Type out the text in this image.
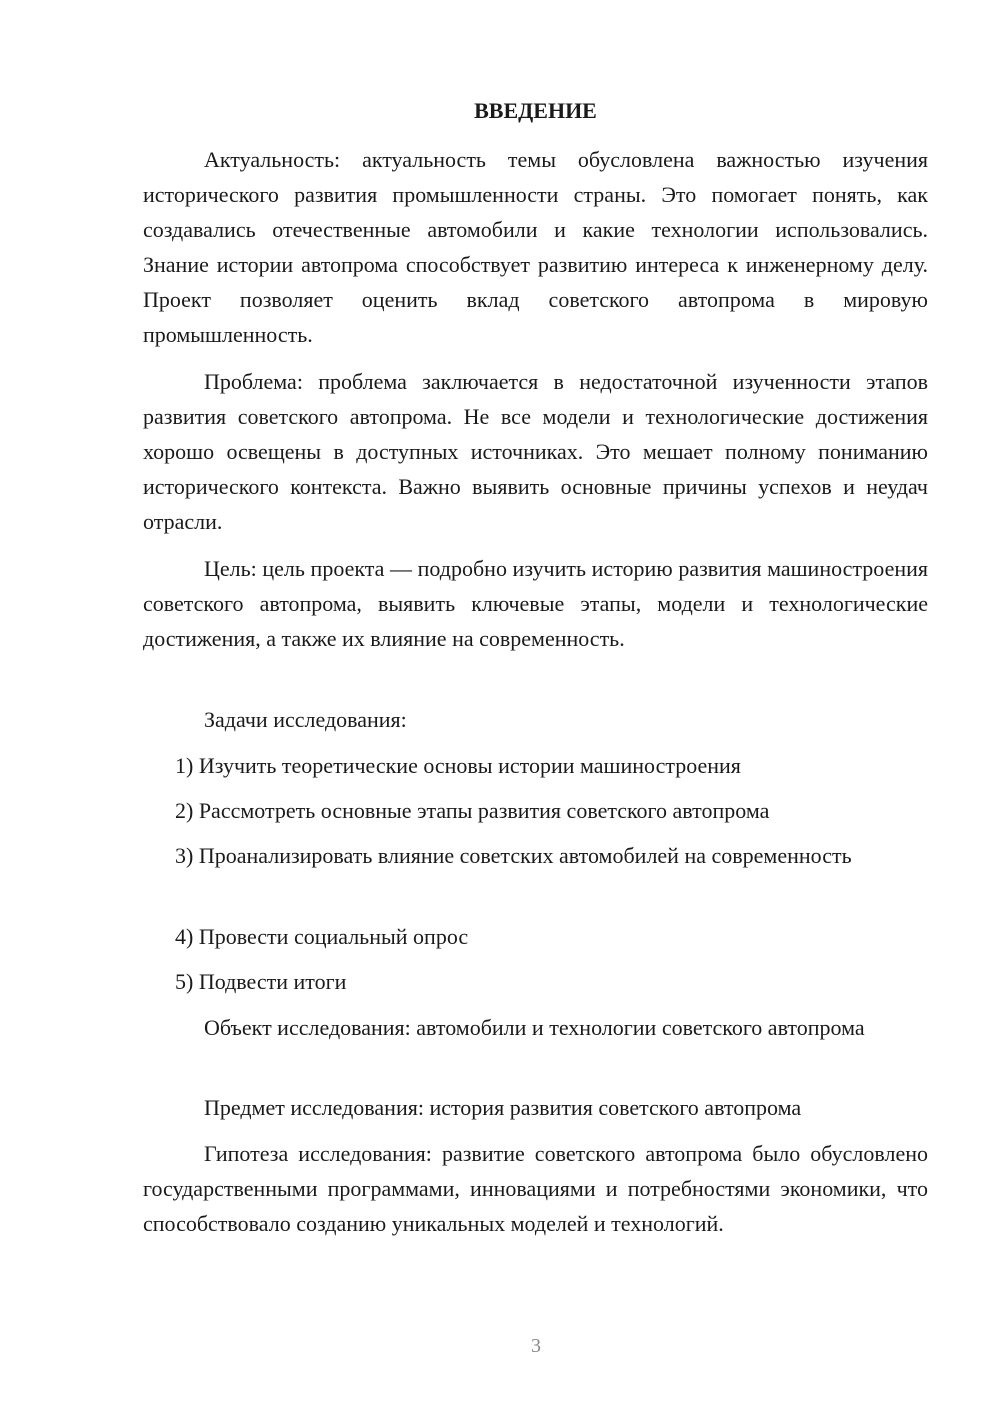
ВВЕДЕНИЕ

Актуальность: актуальность темы обусловлена важностью изучения исторического развития промышленности страны. Это помогает понять, как создавались отечественные автомобили и какие технологии использовались. Знание истории автопрома способствует развитию интереса к инженерному делу. Проект позволяет оценить вклад советского автопрома в мировую промышленность.

Проблема: проблема заключается в недостаточной изученности этапов развития советского автопрома. Не все модели и технологические достижения хорошо освещены в доступных источниках. Это мешает полному пониманию исторического контекста. Важно выявить основные причины успехов и неудач отрасли.

Цель: цель проекта — подробно изучить историю развития машиностроения советского автопрома, выявить ключевые этапы, модели и технологические достижения, а также их влияние на современность.

Задачи исследования:

1) Изучить теоретические основы истории машиностроения

2) Рассмотреть основные этапы развития советского автопрома

3) Проанализировать влияние советских автомобилей на современность

4) Провести социальный опрос

5) Подвести итоги

Объект исследования: автомобили и технологии советского автопрома

Предмет исследования: история развития советского автопрома

Гипотеза исследования: развитие советского автопрома было обусловлено государственными программами, инновациями и потребностями экономики, что способствовало созданию уникальных моделей и технологий.

3
